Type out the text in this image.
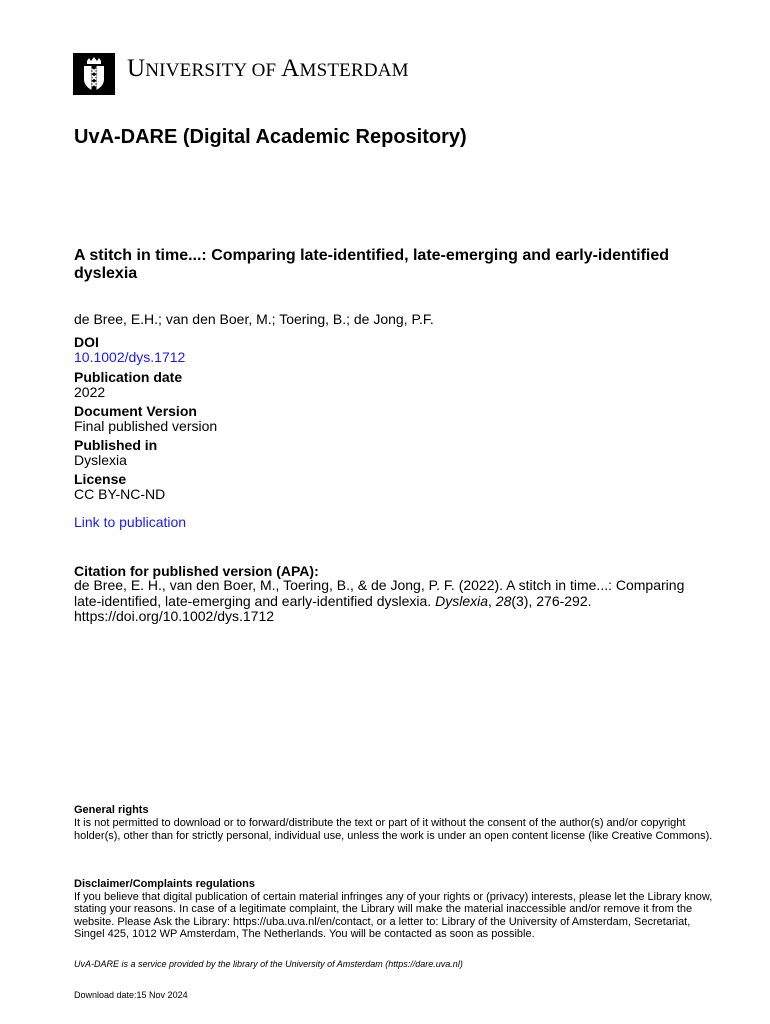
UNIVERSITY OF AMSTERDAM
UvA-DARE (Digital Academic Repository)
A stitch in time...: Comparing late-identified, late-emerging and early-identified dyslexia
de Bree, E.H.; van den Boer, M.; Toering, B.; de Jong, P.F.
DOI
10.1002/dys.1712
Publication date
2022
Document Version
Final published version
Published in
Dyslexia
License
CC BY-NC-ND
Link to publication
Citation for published version (APA):
de Bree, E. H., van den Boer, M., Toering, B., & de Jong, P. F. (2022). A stitch in time...: Comparing late-identified, late-emerging and early-identified dyslexia. Dyslexia, 28(3), 276-292. https://doi.org/10.1002/dys.1712
General rights
It is not permitted to download or to forward/distribute the text or part of it without the consent of the author(s) and/or copyright holder(s), other than for strictly personal, individual use, unless the work is under an open content license (like Creative Commons).
Disclaimer/Complaints regulations
If you believe that digital publication of certain material infringes any of your rights or (privacy) interests, please let the Library know, stating your reasons. In case of a legitimate complaint, the Library will make the material inaccessible and/or remove it from the website. Please Ask the Library: https://uba.uva.nl/en/contact, or a letter to: Library of the University of Amsterdam, Secretariat, Singel 425, 1012 WP Amsterdam, The Netherlands. You will be contacted as soon as possible.
UvA-DARE is a service provided by the library of the University of Amsterdam (https://dare.uva.nl)
Download date:15 Nov 2024
